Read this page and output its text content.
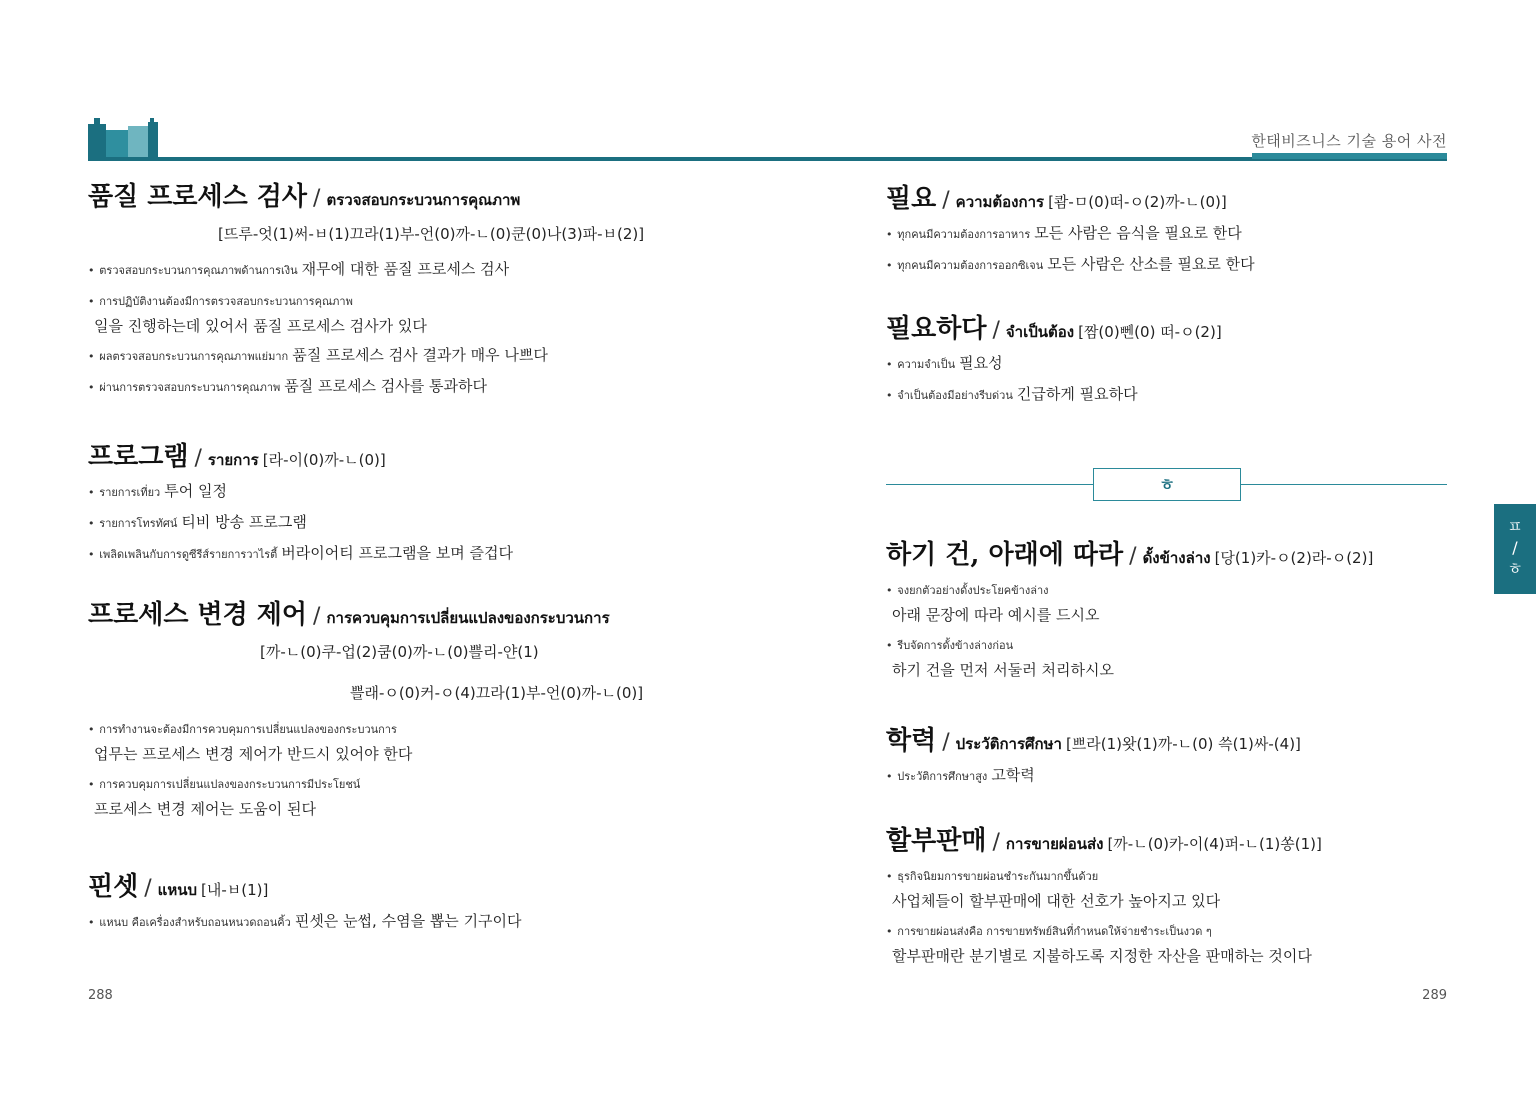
한태비즈니스 기술 용어 사전
품질 프로세스 검사 / ตรวจสอบกระบวนการคุณภาพ
[뜨루-엇(1)써-ㅂ(1)끄라(1)부-언(0)까-ㄴ(0)쿤(0)나(3)파-ㅂ(2)]
• ตรวจสอบกระบวนการคุณภาพด้านการเงิน 재무에 대한 품질 프로세스 검사
• การปฏิบัติงานต้องมีการตรวจสอบกระบวนการคุณภาพ
일을 진행하는데 있어서 품질 프로세스 검사가 있다
• ผลตรวจสอบกระบวนการคุณภาพแย่มาก 품질 프로세스 검사 결과가 매우 나쁘다
• ผ่านการตรวจสอบกระบวนการคุณภาพ 품질 프로세스 검사를 통과하다
프로그램 / รายการ [라-이(0)까-ㄴ(0)]
• รายการเที่ยว 투어 일정
• รายการโทรทัศน์ 티비 방송 프로그램
• เพลิดเพลินกับการดูซีรีส์รายการวาไรตี้ 버라이어티 프로그램을 보며 즐겁다
프로세스 변경 제어 / การควบคุมการเปลี่ยนแปลงของกระบวนการ
[까-ㄴ(0)쿠-업(2)쿰(0)까-ㄴ(0)쁠리-얀(1)
쁠래-ㅇ(0)커-ㅇ(4)끄라(1)부-언(0)까-ㄴ(0)]
• การทำงานจะต้องมีการควบคุมการเปลี่ยนแปลงของกระบวนการ
업무는 프로세스 변경 제어가 반드시 있어야 한다
• การควบคุมการเปลี่ยนแปลงของกระบวนการมีประโยชน์
프로세스 변경 제어는 도움이 된다
핀셋 / แหนบ [내-ㅂ(1)]
• แหนบ คือเครื่องสำหรับถอนหนวดถอนคิ้ว 핀셋은 눈썹, 수염을 뽑는 기구이다
288
필요 / ความต้องการ [쾀-ㅁ(0)떠-ㅇ(2)까-ㄴ(0)]
• ทุกคนมีความต้องการอาหาร 모든 사람은 음식을 필요로 한다
• ทุกคนมีความต้องการออกซิเจน 모든 사람은 산소를 필요로 한다
필요하다 / จำเป็นต้อง [짬(0)뻰(0) 떠-ㅇ(2)]
• ความจำเป็น 필요성
• จำเป็นต้องมีอย่างรีบด่วน 긴급하게 필요하다
ㅎ
하기 건, 아래에 따라 / ดั้งข้างล่าง [당(1)카-ㅇ(2)라-ㅇ(2)]
• จงยกตัวอย่างดั้งประโยคข้างล่าง
아래 문장에 따라 예시를 드시오
• รีบจัดการดั้งข้างล่างก่อน
하기 건을 먼저 서둘러 처리하시오
학력 / ประวัติการศึกษา [쁘라(1)왓(1)까-ㄴ(0) 쓱(1)싸-(4)]
• ประวัติการศึกษาสูง 고학력
할부판매 / การขายผ่อนส่ง [까-ㄴ(0)카-이(4)퍼-ㄴ(1)쏭(1)]
• ธุรกิจนิยมการขายผ่อนชำระกันมากขึ้นด้วย
사업체들이 할부판매에 대한 선호가 높아지고 있다
• การขายผ่อนส่งคือ การขายทรัพย์สินที่กำหนดให้จ่ายชำระเป็นงวด ๆ
할부판매란 분기별로 지불하도록 지정한 자산을 판매하는 것이다
289
ㅍ
/
ㅎ
